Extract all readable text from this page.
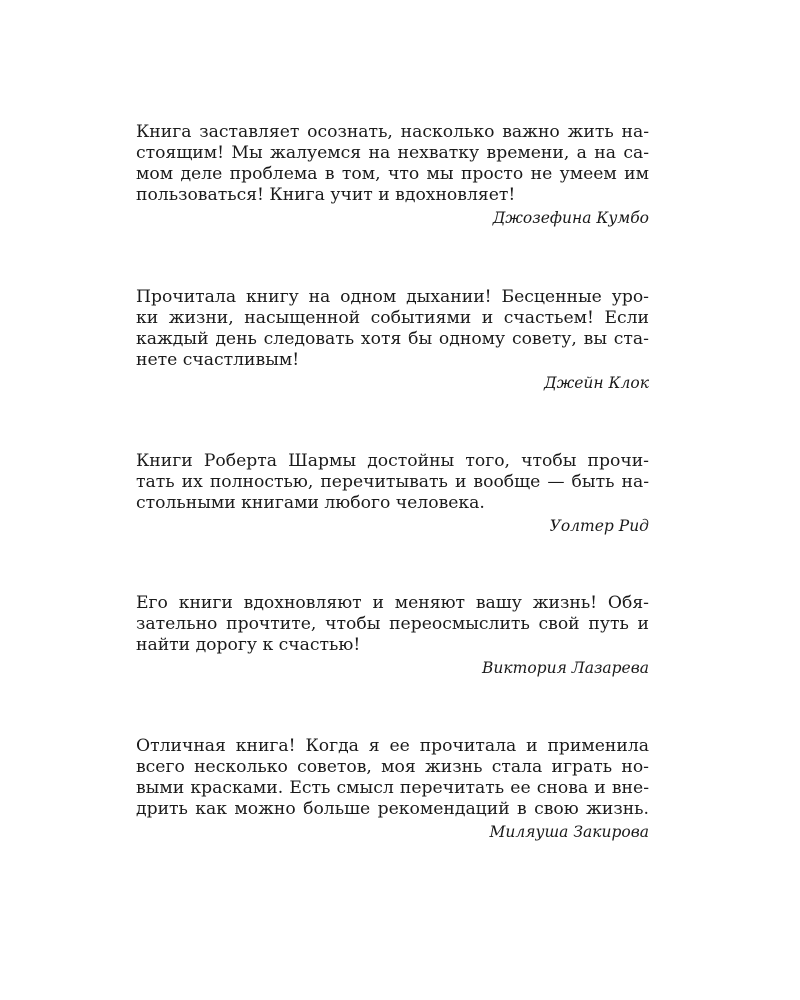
Книга заставляет осознать, насколько важно жить на-
стоящим! Мы жалуемся на нехватку времени, а на са-
мом деле проблема в том, что мы просто не умеем им
пользоваться! Книга учит и вдохновляет!

Джозефина Кумбо

Прочитала книгу на одном дыхании! Бесценные уро-
ки жизни, насыщенной событиями и счастьем! Если
каждый день следовать хотя бы одному совету, вы ста-
нете счастливым!

Джейн Клок

Книги Роберта Шармы достойны того, чтобы прочи-
тать их полностью, перечитывать и вообще — быть на-
стольными книгами любого человека.

Уолтер Рид

Его книги вдохновляют и меняют вашу жизнь! Обя-
зательно прочтите, чтобы переосмыслить свой путь и
найти дорогу к счастью!

Виктория Лазарева

Отличная книга! Когда я ее прочитала и применила
всего несколько советов, моя жизнь стала играть но-
выми красками. Есть смысл перечитать ее снова и вне-
дрить как можно больше рекомендаций в свою жизнь.

Миляуша Закирова
